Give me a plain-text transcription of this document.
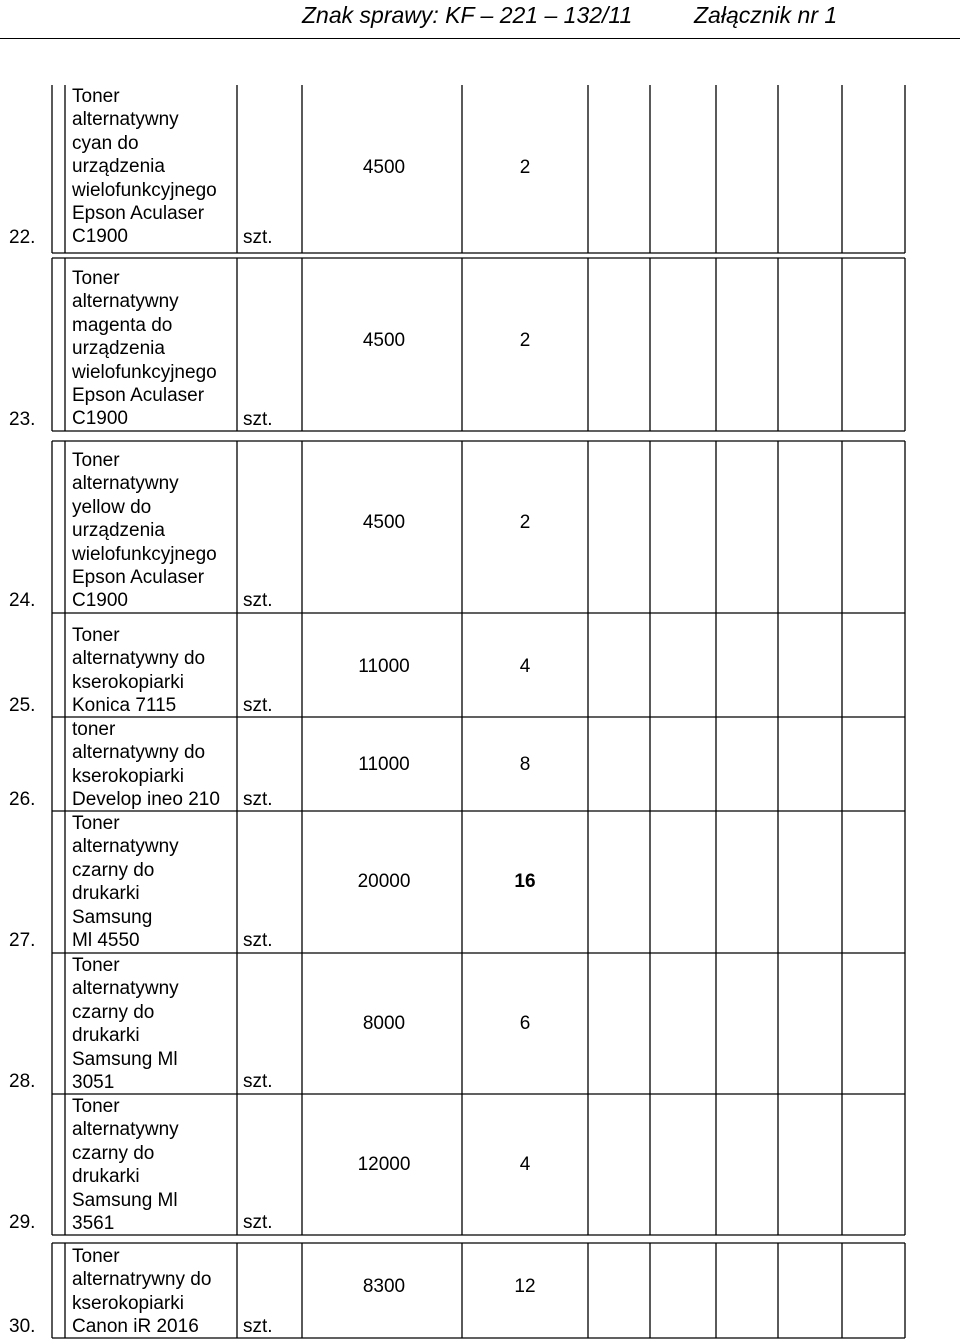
Znak sprawy: KF – 221 – 132/11	Załącznik nr 1
22.
Toner
alternatywny
cyan do
urządzenia
wielofunkcyjnego
Epson Aculaser
C1900	szt.
4500	2
23.
Toner
alternatywny
magenta do
urządzenia
wielofunkcyjnego
Epson Aculaser
C1900	szt.
4500	2
24.
Toner
alternatywny
yellow do
urządzenia
wielofunkcyjnego
Epson Aculaser
C1900	szt.
4500	2
25.
Toner
alternatywny do
kserokopiarki
Konica 7115	szt.
11000	4
26.
toner
alternatywny do
kserokopiarki
Develop ineo 210	szt.
11000	8
27.
Toner
alternatywny
czarny do
drukarki
Samsung
Ml 4550	szt.
20000	16
28.
Toner
alternatywny
czarny do
drukarki
Samsung Ml
3051	szt.
8000	6
29.
Toner
alternatywny
czarny do
drukarki
Samsung Ml
3561	szt.
12000	4
30.
Toner
alternatrywny do
kserokopiarki
Canon iR 2016	szt.
8300	12
